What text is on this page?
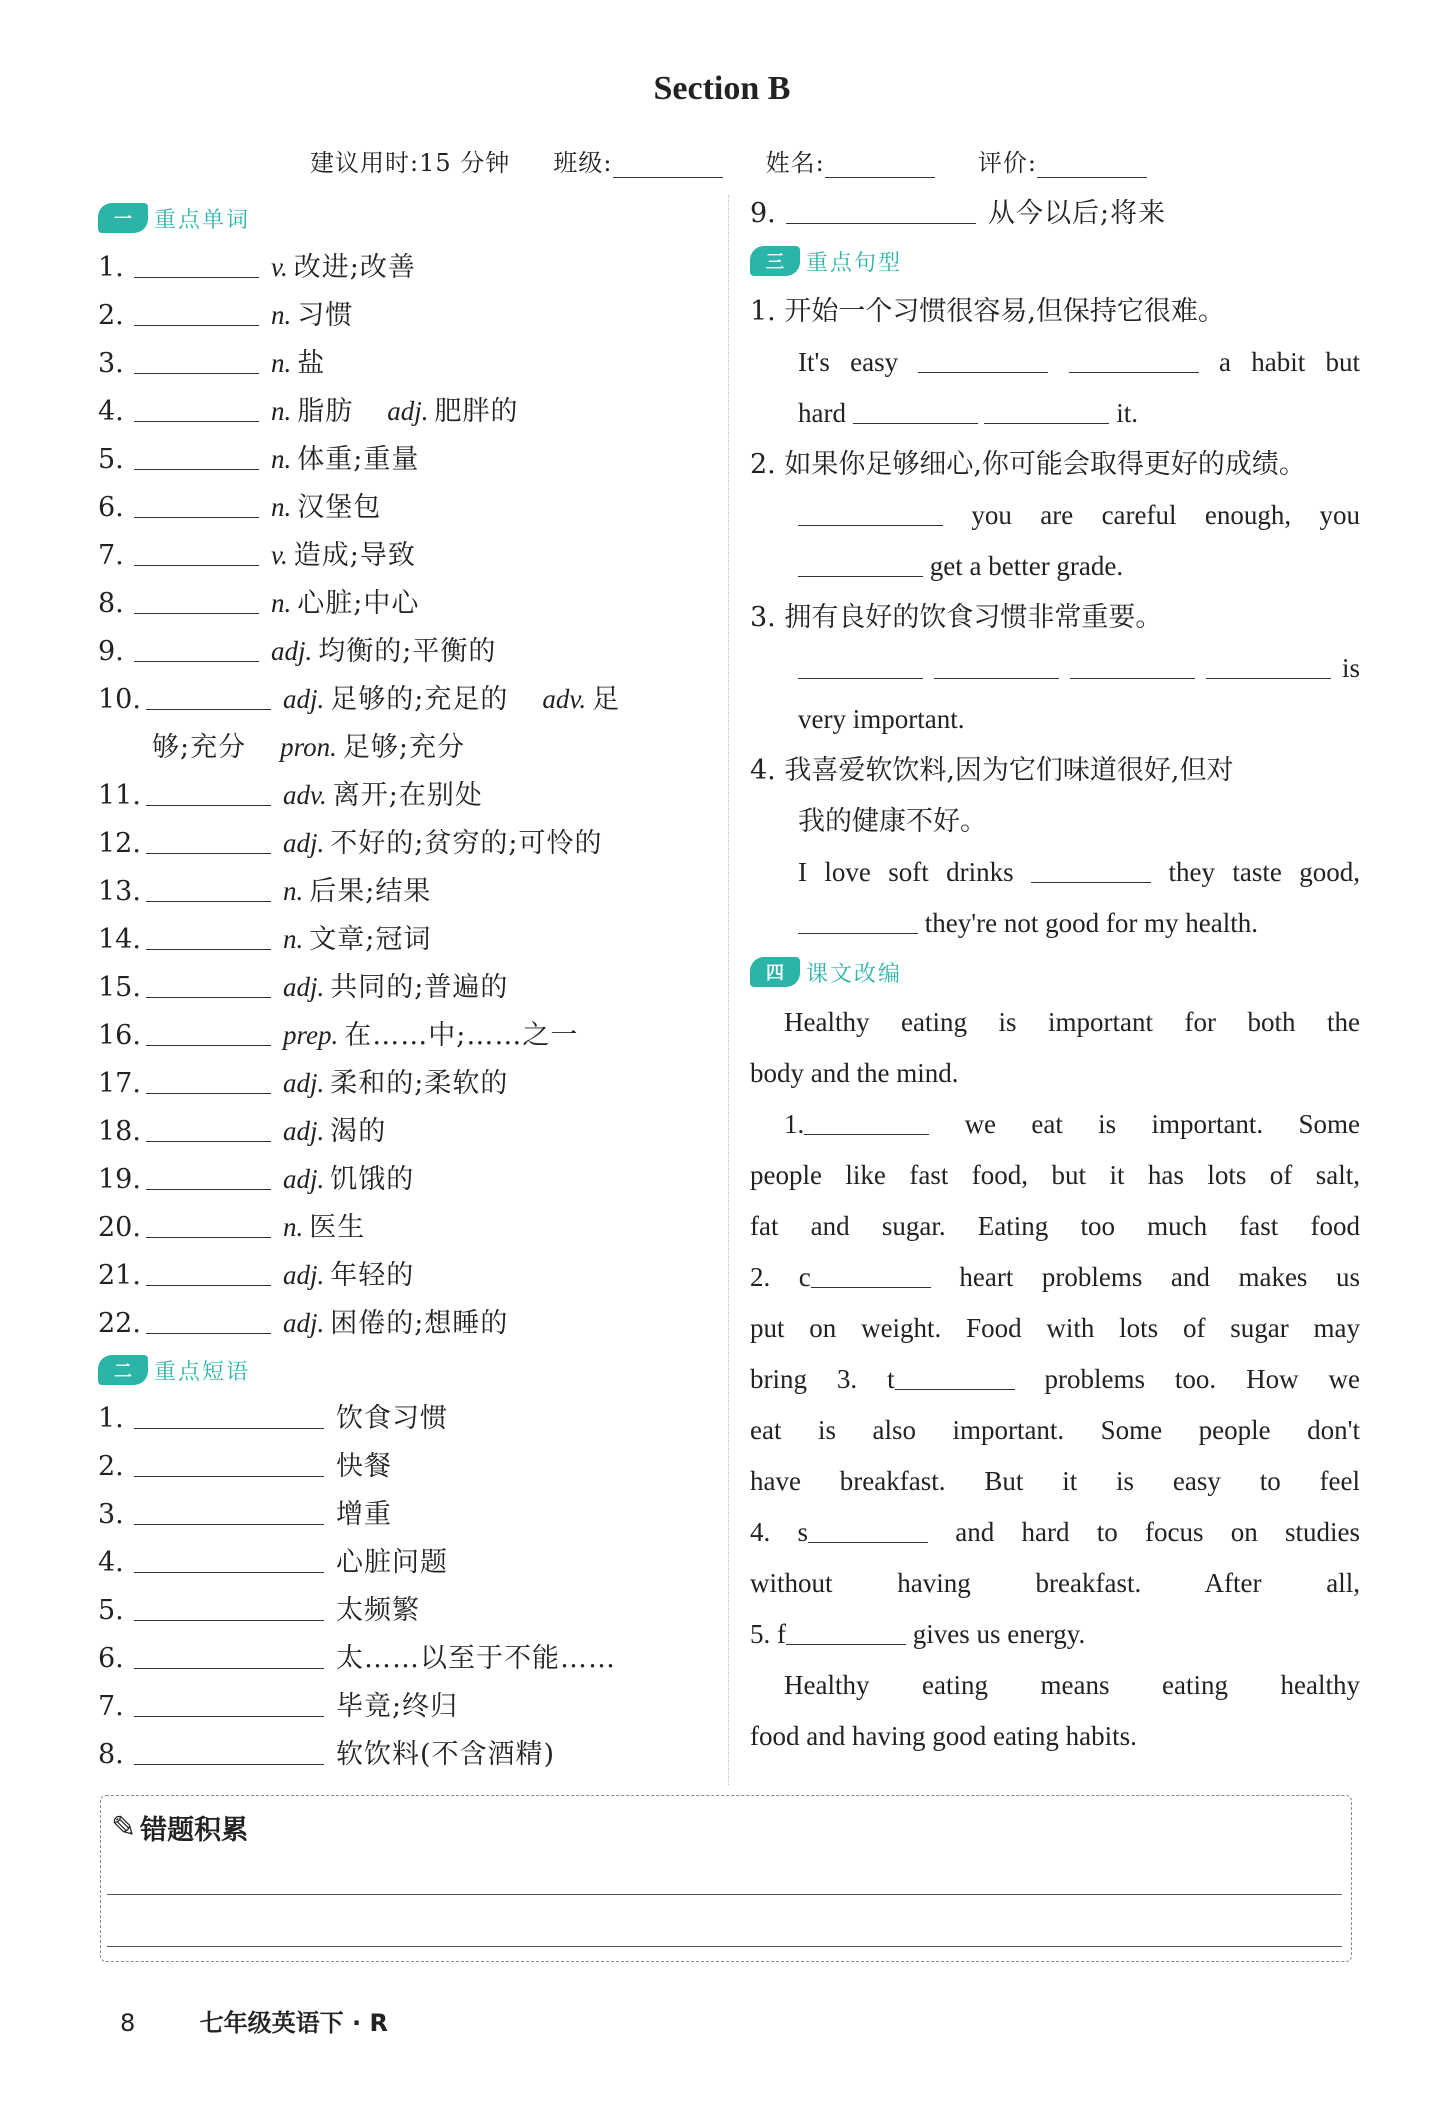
Section B
建议用时:15 分钟 班级:	姓名:	评价:
一	重点单词
1.	v. 改进;改善
2.	n. 习惯
3.	n. 盐
4.	n. 脂肪 adj. 肥胖的
5.	n. 体重;重量
6.	n. 汉堡包
7.	v. 造成;导致
8.	n. 心脏;中心
9.	adj. 均衡的;平衡的
10.	adj. 足够的;充足的 adv. 足
够;充分 pron. 足够;充分
11.	adv. 离开;在别处
12.	adj. 不好的;贫穷的;可怜的
13.	n. 后果;结果
14.	n. 文章;冠词
15.	adj. 共同的;普遍的
16.	prep. 在……中;……之一
17.	adj. 柔和的;柔软的
18.	adj. 渴的
19.	adj. 饥饿的
20.	n. 医生
21.	adj. 年轻的
22.	adj. 困倦的;想睡的
二	重点短语
1.	饮食习惯
2.	快餐
3.	增重
4.	心脏问题
5.	太频繁
6.	太……以至于不能……
7.	毕竟;终归
8.	软饮料(不含酒精)
9.	从今以后;将来
三	重点句型
1. 开始一个习惯很容易,但保持它很难。
It's easy	a habit but
hard	it.
2. 如果你足够细心,你可能会取得更好的成绩。
you are careful enough, you
get a better grade.
3. 拥有良好的饮食习惯非常重要。
is
very important.
4. 我喜爱软饮料,因为它们味道很好,但对
我的健康不好。
I love soft drinks	they taste good,
they're not good for my health.
四	课文改编
Healthy eating is important for both the
body and the mind.
1.	we eat is important. Some
people like fast food, but it has lots of salt,
fat and sugar. Eating too much fast food
2. c	heart problems and makes us
put on weight. Food with lots of sugar may
bring 3. t	problems too. How we
eat is also important. Some people don't
have breakfast. But it is easy to feel
4. s	and hard to focus on studies
without having breakfast. After all,
5. f	gives us energy.
Healthy eating means eating healthy
food and having good eating habits.
✎ 错题积累
8	七年级英语下 · R
